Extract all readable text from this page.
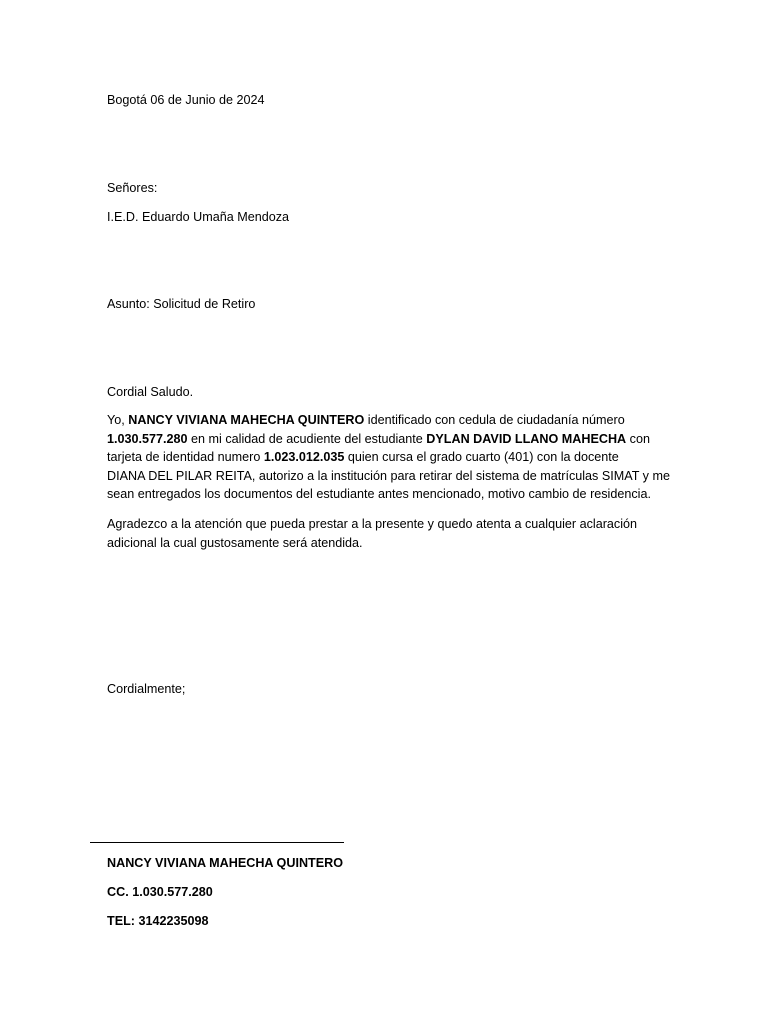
Bogotá 06 de Junio de 2024
Señores:
I.E.D. Eduardo Umaña Mendoza
Asunto: Solicitud de Retiro
Cordial Saludo.
Yo, NANCY VIVIANA MAHECHA QUINTERO identificado con cedula de ciudadanía número
1.030.577.280 en mi calidad de acudiente del estudiante DYLAN DAVID LLANO MAHECHA con
tarjeta de identidad numero 1.023.012.035 quien cursa el grado cuarto (401) con la docente
DIANA DEL PILAR REITA, autorizo a la institución para retirar del sistema de matrículas SIMAT y me
sean entregados los documentos del estudiante antes mencionado, motivo cambio de residencia.
Agradezco a la atención que pueda prestar a la presente y quedo atenta a cualquier aclaración
adicional la cual gustosamente será atendida.
Cordialmente;
NANCY VIVIANA MAHECHA QUINTERO
CC. 1.030.577.280
TEL: 3142235098
